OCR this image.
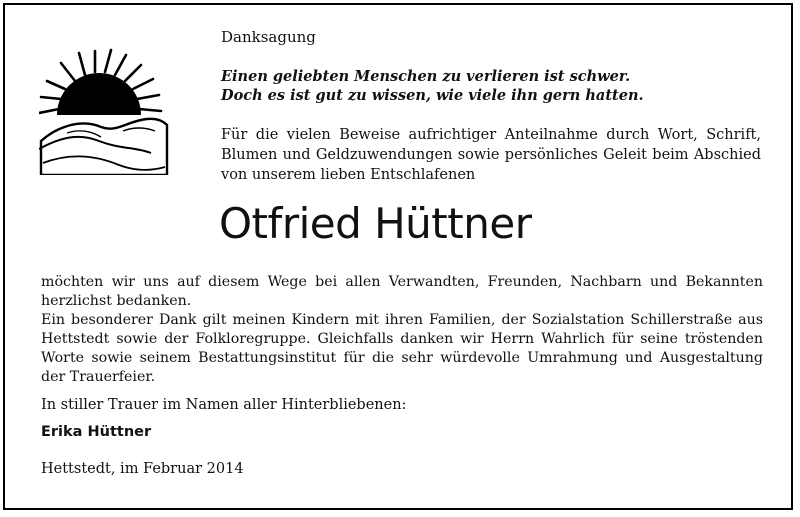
Danksagung
Einen geliebten Menschen zu verlieren ist schwer.
Doch es ist gut zu wissen, wie viele ihn gern hatten.
Für die vielen Beweise aufrichtiger Anteilnahme durch Wort, Schrift, Blumen und Geldzuwendungen sowie persönliches Geleit beim Abschied von unserem lieben Entschlafenen
Otfried Hüttner

möchten wir uns auf diesem Wege bei allen Verwandten, Freunden, Nachbarn und Bekannten herzlichst bedanken.

Ein besonderer Dank gilt meinen Kindern mit ihren Familien, der Sozialstation Schillerstraße aus Hettstedt sowie der Folkloregruppe. Gleichfalls danken wir Herrn Wahrlich für seine tröstenden Worte sowie seinem Bestattungsinstitut für die sehr würdevolle Umrahmung und Ausgestaltung der Trauerfeier.

In stiller Trauer im Namen aller Hinterbliebenen:
Erika Hüttner
Hettstedt, im Februar 2014
